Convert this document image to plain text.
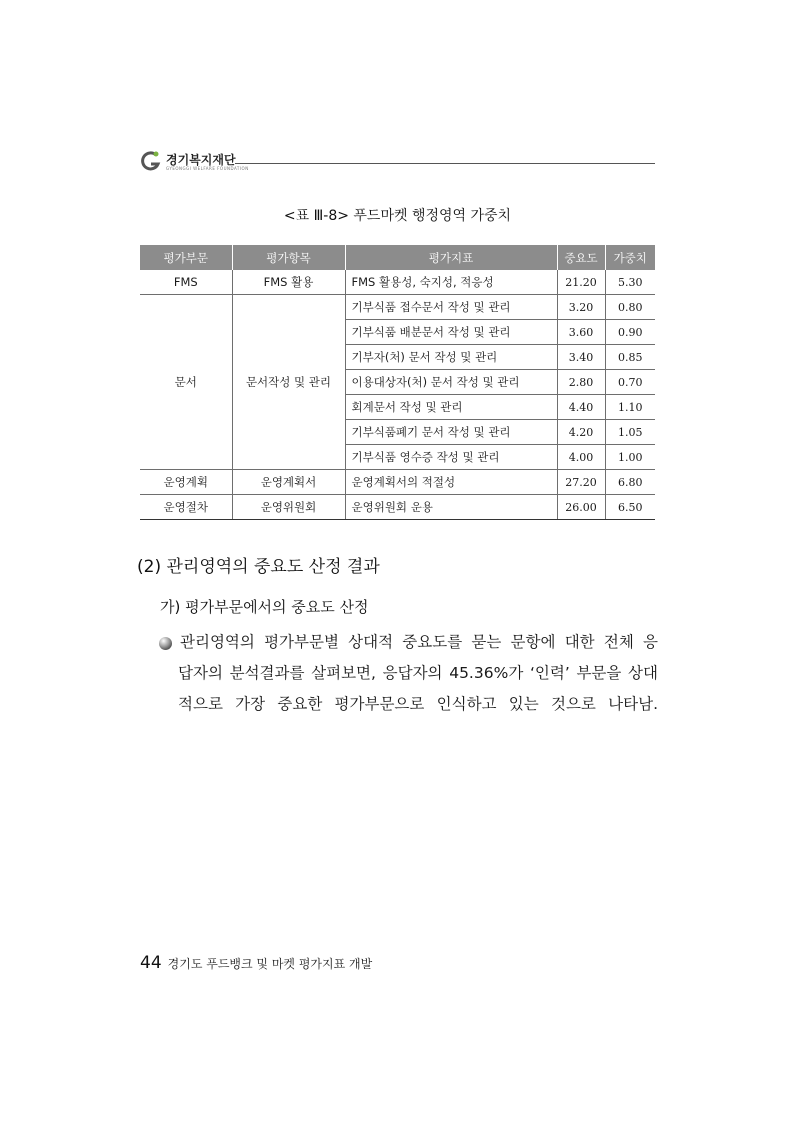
경기복지재단
GYEONGGI WELFARE FOUNDATION
<표 Ⅲ-8> 푸드마켓 행정영역 가중치
평가부문	평가항목	평가지표	중요도	가중치
FMS	FMS 활용	FMS 활용성, 숙지성, 적응성	21.20	5.30
문서	문서작성 및 관리	기부식품 접수문서 작성 및 관리	3.20	0.80
		기부식품 배분문서 작성 및 관리	3.60	0.90
		기부자(처) 문서 작성 및 관리	3.40	0.85
		이용대상자(처) 문서 작성 및 관리	2.80	0.70
		회계문서 작성 및 관리	4.40	1.10
		기부식품폐기 문서 작성 및 관리	4.20	1.05
		기부식품 영수증 작성 및 관리	4.00	1.00
운영계획	운영계획서	운영계획서의 적절성	27.20	6.80
운영절차	운영위원회	운영위원회 운용	26.00	6.50
(2) 관리영역의 중요도 산정 결과
가) 평가부문에서의 중요도 산정
관리영역의 평가부문별 상대적 중요도를 묻는 문항에 대한 전체 응
답자의 분석결과를 살펴보면, 응답자의 45.36%가 ‘인력’ 부문을 상대
적으로 가장 중요한 평가부문으로 인식하고 있는 것으로 나타남.
44 경기도 푸드뱅크 및 마켓 평가지표 개발
